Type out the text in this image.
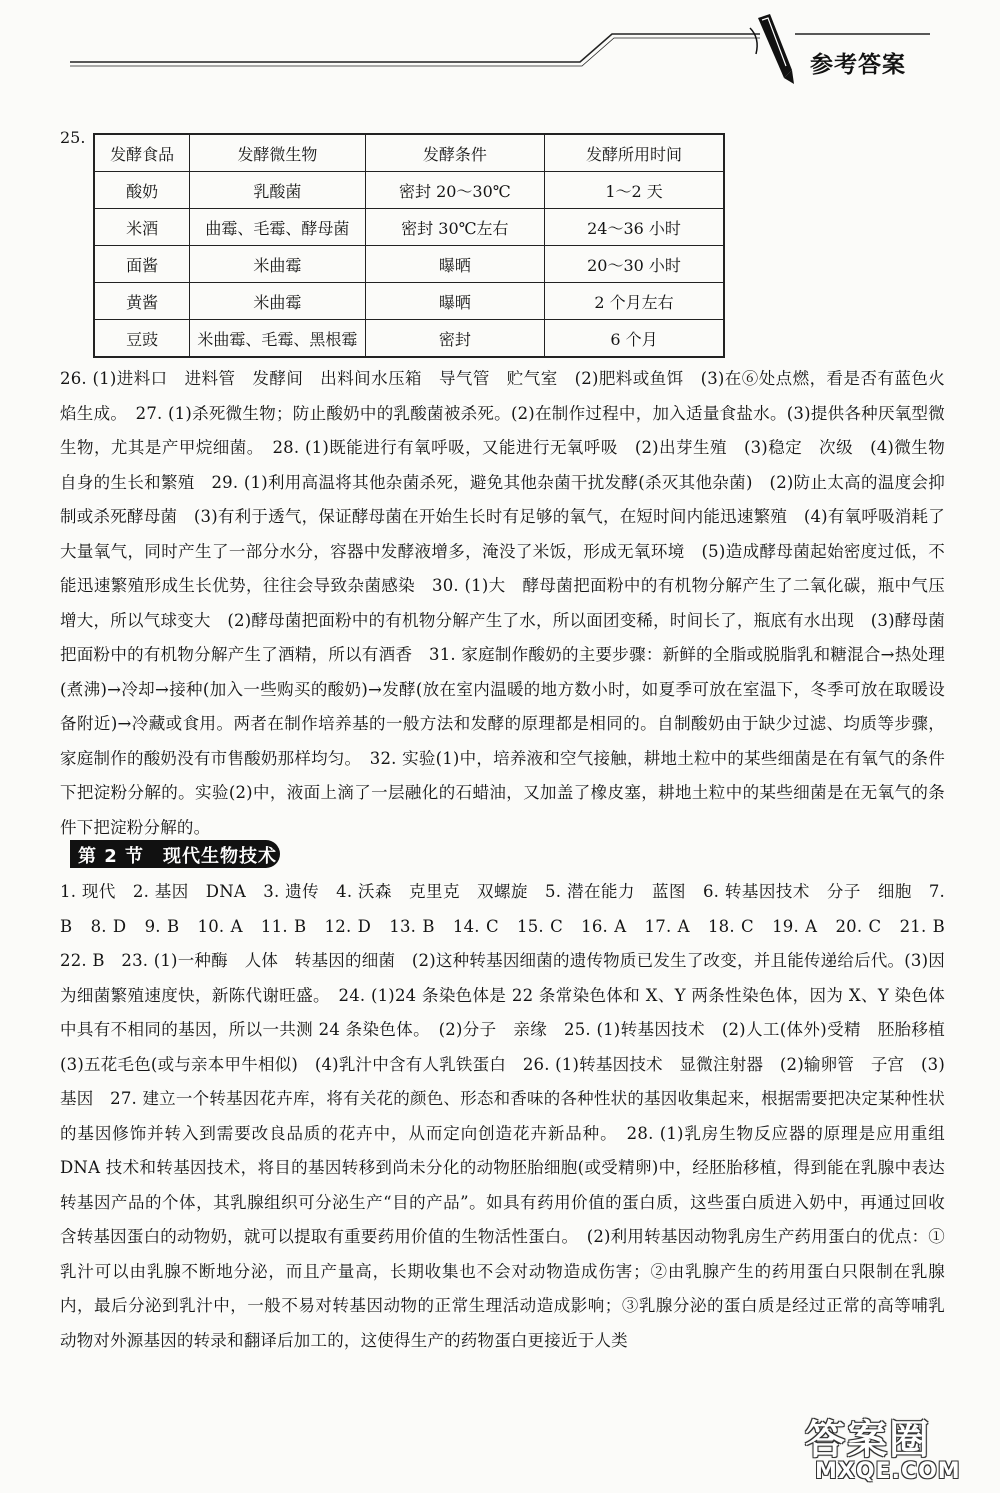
参考答案
25.
发酵食品	发酵微生物	发酵条件	发酵所用时间
酸奶	乳酸菌	密封 20～30℃	1～2 天
米酒	曲霉、毛霉、酵母菌	密封 30℃左右	24～36 小时
面酱	米曲霉	曝晒	20～30 小时
黄酱	米曲霉	曝晒	2 个月左右
豆豉	米曲霉、毛霉、黑根霉	密封	6 个月
26. (1)进料口　进料管　发酵间　出料间水压箱　导气管　贮气室　(2)肥料或鱼饵　(3)在⑥处点燃，看是否有蓝色火焰生成。　27. (1)杀死微生物；防止酸奶中的乳酸菌被杀死。(2)在制作过程中，加入适量食盐水。(3)提供各种厌氧型微生物，尤其是产甲烷细菌。　28. (1)既能进行有氧呼吸，又能进行无氧呼吸　(2)出芽生殖　(3)稳定　次级　(4)微生物自身的生长和繁殖　29. (1)利用高温将其他杂菌杀死，避免其他杂菌干扰发酵(杀灭其他杂菌)　(2)防止太高的温度会抑制或杀死酵母菌　(3)有利于透气，保证酵母菌在开始生长时有足够的氧气，在短时间内能迅速繁殖　(4)有氧呼吸消耗了大量氧气，同时产生了一部分水分，容器中发酵液增多，淹没了米饭，形成无氧环境　(5)造成酵母菌起始密度过低，不能迅速繁殖形成生长优势，往往会导致杂菌感染　30. (1)大　酵母菌把面粉中的有机物分解产生了二氧化碳，瓶中气压增大，所以气球变大　(2)酵母菌把面粉中的有机物分解产生了水，所以面团变稀，时间长了，瓶底有水出现　(3)酵母菌把面粉中的有机物分解产生了酒精，所以有酒香　31. 家庭制作酸奶的主要步骤：新鲜的全脂或脱脂乳和糖混合→热处理(煮沸)→冷却→接种(加入一些购买的酸奶)→发酵(放在室内温暖的地方数小时，如夏季可放在室温下，冬季可放在取暖设备附近)→冷藏或食用。两者在制作培养基的一般方法和发酵的原理都是相同的。自制酸奶由于缺少过滤、均质等步骤，家庭制作的酸奶没有市售酸奶那样均匀。　32. 实验(1)中，培养液和空气接触，耕地土粒中的某些细菌是在有氧气的条件下把淀粉分解的。实验(2)中，液面上滴了一层融化的石蜡油，又加盖了橡皮塞，耕地土粒中的某些细菌是在无氧气的条件下把淀粉分解的。
第 2 节　现代生物技术
1. 现代　2. 基因　DNA　3. 遗传　4. 沃森　克里克　双螺旋　5. 潜在能力　蓝图　6. 转基因技术　分子　细胞　7. B　8. D　9. B　10. A　11. B　12. D　13. B　14. C　15. C　16. A　17. A　18. C　19. A　20. C　21. B　22. B　23. (1)一种酶　人体　转基因的细菌　(2)这种转基因细菌的遗传物质已发生了改变，并且能传递给后代。(3)因为细菌繁殖速度快，新陈代谢旺盛。　24. (1)24 条染色体是 22 条常染色体和 X、Y 两条性染色体，因为 X、Y 染色体中具有不相同的基因，所以一共测 24 条染色体。　(2)分子　亲缘　25. (1)转基因技术　(2)人工(体外)受精　胚胎移植　(3)五花毛色(或与亲本甲牛相似)　(4)乳汁中含有人乳铁蛋白　26. (1)转基因技术　显微注射器　(2)输卵管　子宫　(3)基因　27. 建立一个转基因花卉库，将有关花的颜色、形态和香味的各种性状的基因收集起来，根据需要把决定某种性状的基因修饰并转入到需要改良品质的花卉中，从而定向创造花卉新品种。　28. (1)乳房生物反应器的原理是应用重组 DNA 技术和转基因技术，将目的基因转移到尚未分化的动物胚胎细胞(或受精卵)中，经胚胎移植，得到能在乳腺中表达转基因产品的个体，其乳腺组织可分泌生产“目的产品”。如具有药用价值的蛋白质，这些蛋白质进入奶中，再通过回收含转基因蛋白的动物奶，就可以提取有重要药用价值的生物活性蛋白。　(2)利用转基因动物乳房生产药用蛋白的优点：①乳汁可以由乳腺不断地分泌，而且产量高，长期收集也不会对动物造成伤害；②由乳腺产生的药用蛋白只限制在乳腺内，最后分泌到乳汁中，一般不易对转基因动物的正常生理活动造成影响；③乳腺分泌的蛋白质是经过正常的高等哺乳动物对外源基因的转录和翻译后加工的，这使得生产的药物蛋白更接近于人类
答案圈
MXQE.COM
